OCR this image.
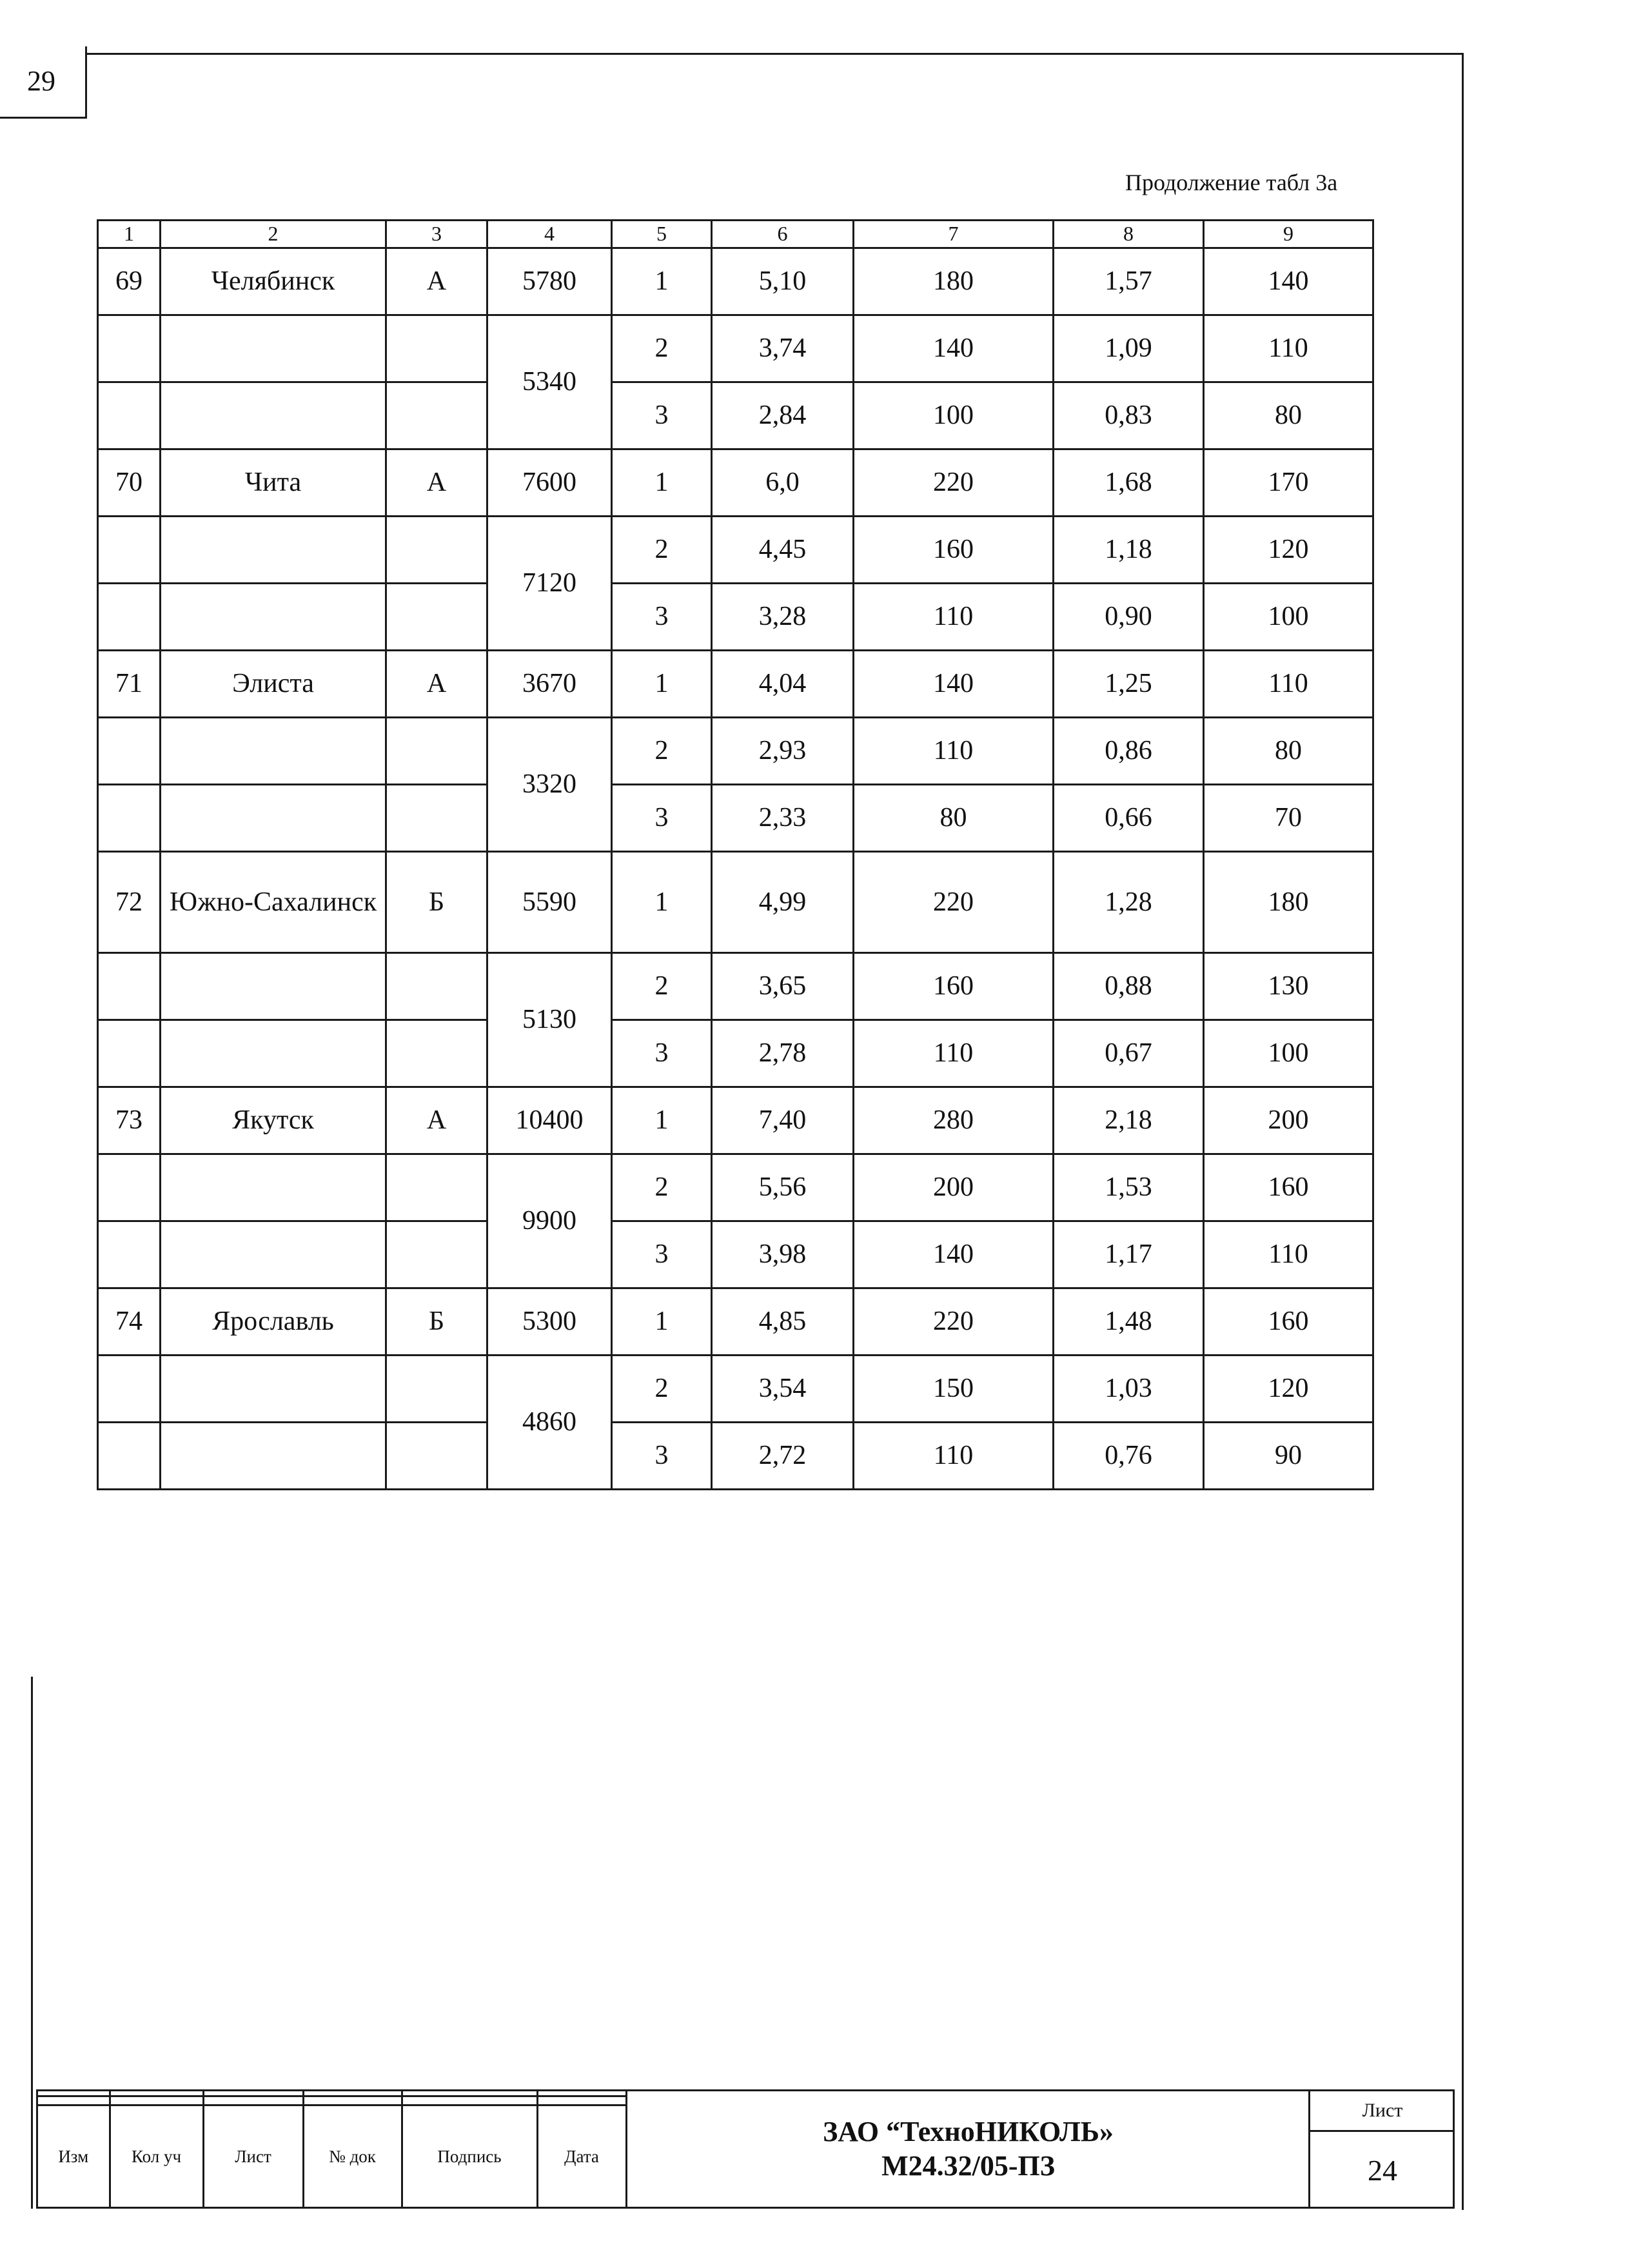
29
Продолжение табл 3а
1	2	3	4	5	6	7	8	9
69	Челябинск	А	5780	1	5,10	180	1,57	140
			5340	2	3,74	140	1,09	110
				3	2,84	100	0,83	80
70	Чита	А	7600	1	6,0	220	1,68	170
			7120	2	4,45	160	1,18	120
				3	3,28	110	0,90	100
71	Элиста	А	3670	1	4,04	140	1,25	110
			3320	2	2,93	110	0,86	80
				3	2,33	80	0,66	70
72	Южно-Сахалинск	Б	5590	1	4,99	220	1,28	180
			5130	2	3,65	160	0,88	130
				3	2,78	110	0,67	100
73	Якутск	А	10400	1	7,40	280	2,18	200
			9900	2	5,56	200	1,53	160
				3	3,98	140	1,17	110
74	Ярославль	Б	5300	1	4,85	220	1,48	160
			4860	2	3,54	150	1,03	120
				3	2,72	110	0,76	90

Изм	Кол уч	Лист	№ док	Подпись	Дата
ЗАО “ТехноНИКОЛЬ»
М24.32/05-ПЗ
Лист
24
